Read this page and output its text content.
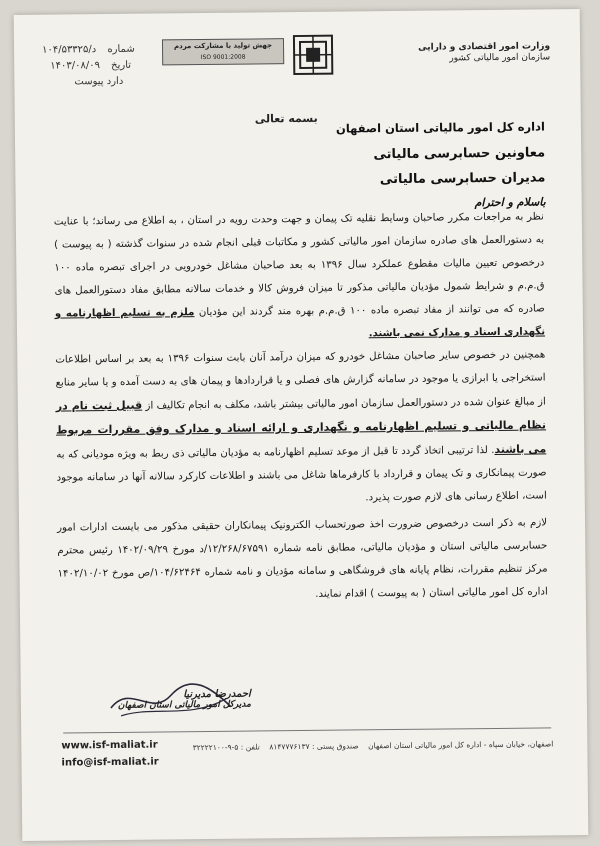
۱۰۴/۵۳۳۲۵/د شماره
۱۴۰۳/۰۸/۰۹ تاریخ
دارد پیوست
جهش تولید با مشارکت مردم
ISO 9001:2008
وزارت امور اقتصادی و دارایی
سازمان امور مالیاتی کشور
بسمه تعالی
اداره کل امور مالیاتی استان اصفهان
معاونین حسابرسی مالیاتی
مدیران حسابرسی مالیاتی
باسلام و احترام
نظر به مراجعات مکرر صاحبان وسایط نقلیه تک پیمان و جهت وحدت رویه در استان ، به اطلاع می رساند؛ با عنایت به دستورالعمل های صادره سازمان امور مالیاتی کشور و مکاتبات قبلی انجام شده در سنوات گذشته ( به پیوست ) درخصوص تعیین مالیات مقطوع عملکرد سال ۱۳۹۶ به بعد صاحبان مشاغل خودرویی در اجرای تبصره ماده ۱۰۰ ق.م.م و شرایط شمول مؤدیان مالیاتی مذکور تا میزان فروش کالا و خدمات سالانه مطابق مفاد دستورالعمل های صادره که می توانند از مفاد تبصره ماده ۱۰۰ ق.م.م بهره مند گردند این مؤدیان ملزم به تسلیم اظهارنامه و نگهداری اسناد و مدارک نمی باشند.
همچنین در خصوص سایر صاحبان مشاغل خودرو که میزان درآمد آنان بابت سنوات ۱۳۹۶ به بعد بر اساس اطلاعات استخراجی یا ابرازی یا موجود در سامانه گزارش های فصلی و یا قراردادها و پیمان های به دست آمده و یا سایر منابع از مبالغ عنوان شده در دستورالعمل سازمان امور مالیاتی بیشتر باشد، مکلف به انجام تکالیف از قبیل ثبت نام در نظام مالیاتی و تسلیم اظهارنامه و نگهداری و ارائه اسناد و مدارک وفق مقررات مربوط می باشند. لذا ترتیبی اتخاذ گردد تا قبل از موعد تسلیم اظهارنامه به مؤدیان مالیاتی ذی ربط به ویژه مودیانی که به صورت پیمانکاری و تک پیمان و قرارداد با کارفرماها شاغل می باشند و اطلاعات کارکرد سالانه آنها در سامانه موجود است، اطلاع رسانی های لازم صورت پذیرد.
لازم به ذکر است درخصوص ضرورت اخذ صورتحساب الکترونیک پیمانکاران حقیقی مذکور می بایست ادارات امور حسابرسی مالیاتی استان و مؤدیان مالیاتی، مطابق نامه شماره ۱۲/۲۶۸/۶۷۵۹۱/د مورخ ۱۴۰۲/۰۹/۲۹ رئیس محترم مرکز تنظیم مقررات، نظام پایانه های فروشگاهی و سامانه مؤدیان و نامه شماره ۱۰۴/۶۲۴۶۴/ص مورخ ۱۴۰۲/۱۰/۰۲ اداره کل امور مالیاتی استان ( به پیوست ) اقدام نمایند.
احمدرضا مدیرنیا
مدیرکل امور مالیاتی استان اصفهان
www.isf-maliat.ir
info@isf-maliat.ir
اصفهان، خیابان سپاه - اداره کل امور مالیاتی استان اصفهان    صندوق پستی : ۸۱۴۷۷۷۶۱۳۷    تلفن : ۵-۹-۳۲۲۲۲۱۰۰
